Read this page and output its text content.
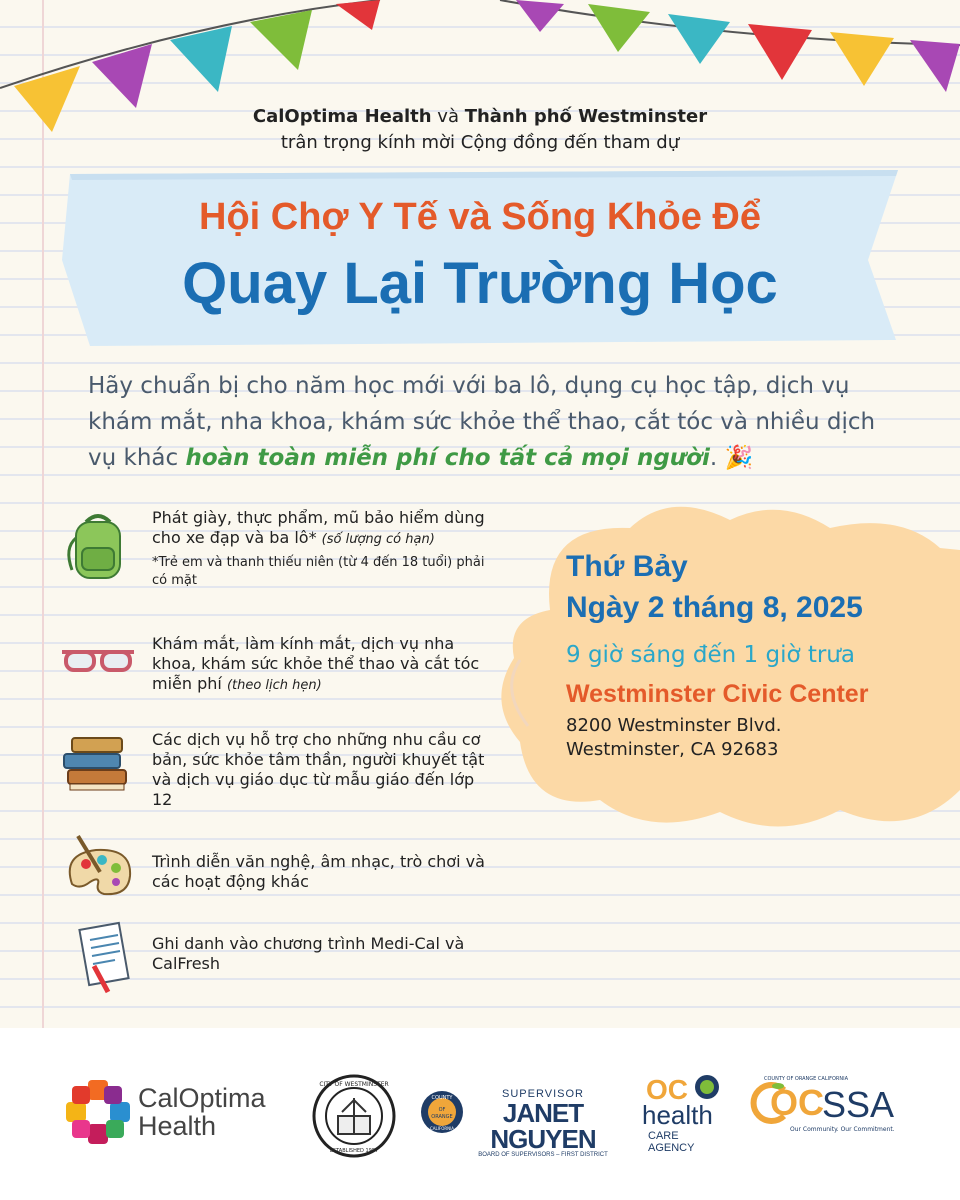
CalOptima Health và Thành phố Westminster
trân trọng kính mời Cộng đồng đến tham dự
Hội Chợ Y Tế và Sống Khỏe Để
Quay Lại Trường Học
Hãy chuẩn bị cho năm học mới với ba lô, dụng cụ học tập, dịch vụ khám mắt, nha khoa, khám sức khỏe thể thao, cắt tóc và nhiều dịch vụ khác hoàn toàn miễn phí cho tất cả mọi người. 🎉
Phát giày, thực phẩm, mũ bảo hiểm dùng cho xe đạp và ba lô* (số lượng có hạn)
*Trẻ em và thanh thiếu niên (từ 4 đến 18 tuổi) phải có mặt
Khám mắt, làm kính mắt, dịch vụ nha khoa, khám sức khỏe thể thao và cắt tóc miễn phí (theo lịch hẹn)
Các dịch vụ hỗ trợ cho những nhu cầu cơ bản, sức khỏe tâm thần, người khuyết tật và dịch vụ giáo dục từ mẫu giáo đến lớp 12
Trình diễn văn nghệ, âm nhạc, trò chơi và các hoạt động khác
Ghi danh vào chương trình Medi-Cal và CalFresh
Thứ Bảy
Ngày 2 tháng 8, 2025
9 giờ sáng đến 1 giờ trưa
Westminster Civic Center
8200 Westminster Blvd.
Westminster, CA 92683
CalOptima
Health
CITY OF WESTMINSTER
ESTABLISHED 1957
COUNTY
OF
ORANGE
CALIFORNIA
SUPERVISOR
JANET NGUYEN
BOARD OF SUPERVISORS – FIRST DISTRICT
OC
health
CARE AGENCY
COUNTY OF ORANGE CALIFORNIA
OC
SSA
Our Community. Our Commitment.
